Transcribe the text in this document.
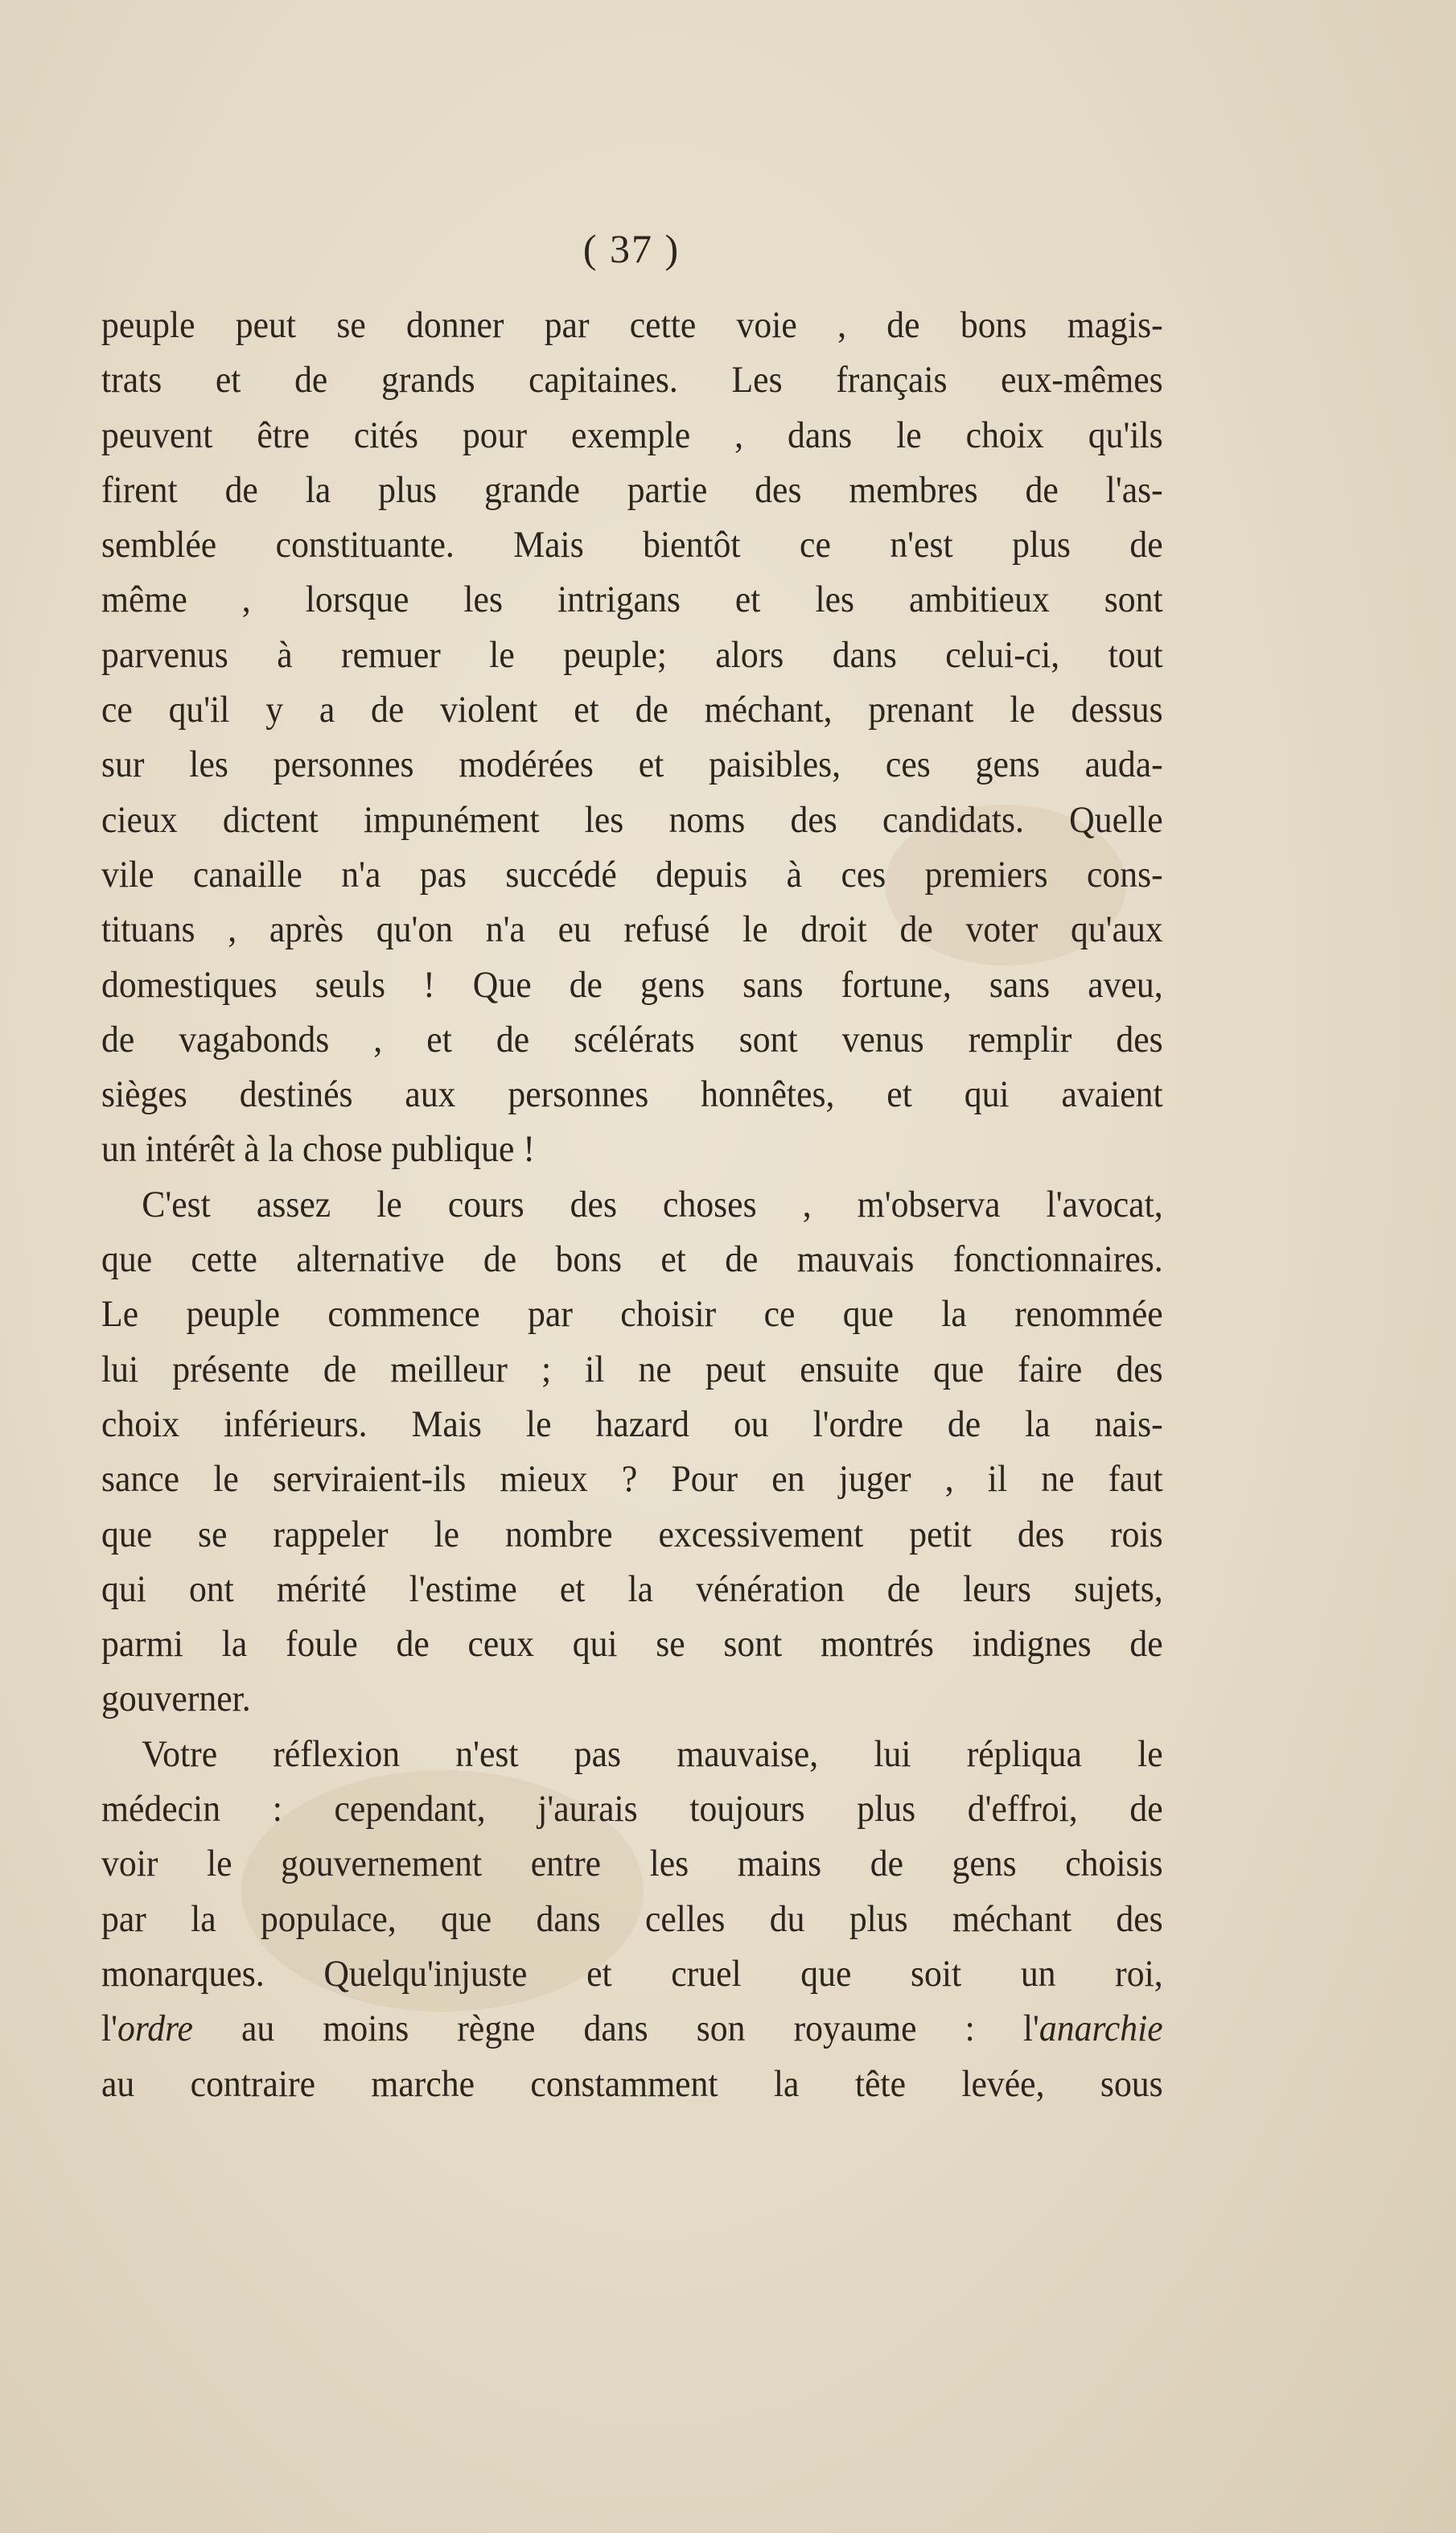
( 37 )
peuple peut se donner par cette voie , de bons magis-
trats et de grands capitaines. Les français eux-mêmes
peuvent être cités pour exemple , dans le choix qu'ils
firent de la plus grande partie des membres de l'as-
semblée constituante. Mais bientôt ce n'est plus de
même , lorsque les intrigans et les ambitieux sont
parvenus à remuer le peuple; alors dans celui-ci, tout
ce qu'il y a de violent et de méchant, prenant le dessus
sur les personnes modérées et paisibles, ces gens auda-
cieux dictent impunément les noms des candidats. Quelle
vile canaille n'a pas succédé depuis à ces premiers cons-
tituans , après qu'on n'a eu refusé le droit de voter qu'aux
domestiques seuls ! Que de gens sans fortune, sans aveu,
de vagabonds , et de scélérats sont venus remplir des
sièges destinés aux personnes honnêtes, et qui avaient
un intérêt à la chose publique !
C'est assez le cours des choses , m'observa l'avocat,
que cette alternative de bons et de mauvais fonctionnaires.
Le peuple commence par choisir ce que la renommée
lui présente de meilleur ; il ne peut ensuite que faire des
choix inférieurs. Mais le hazard ou l'ordre de la nais-
sance le serviraient-ils mieux ? Pour en juger , il ne faut
que se rappeler le nombre excessivement petit des rois
qui ont mérité l'estime et la vénération de leurs sujets,
parmi la foule de ceux qui se sont montrés indignes de
gouverner.
Votre réflexion n'est pas mauvaise, lui répliqua le
médecin : cependant, j'aurais toujours plus d'effroi, de
voir le gouvernement entre les mains de gens choisis
par la populace, que dans celles du plus méchant des
monarques. Quelqu'injuste et cruel que soit un roi,
l'ordre au moins règne dans son royaume : l'anarchie
au contraire marche constamment la tête levée, sous
